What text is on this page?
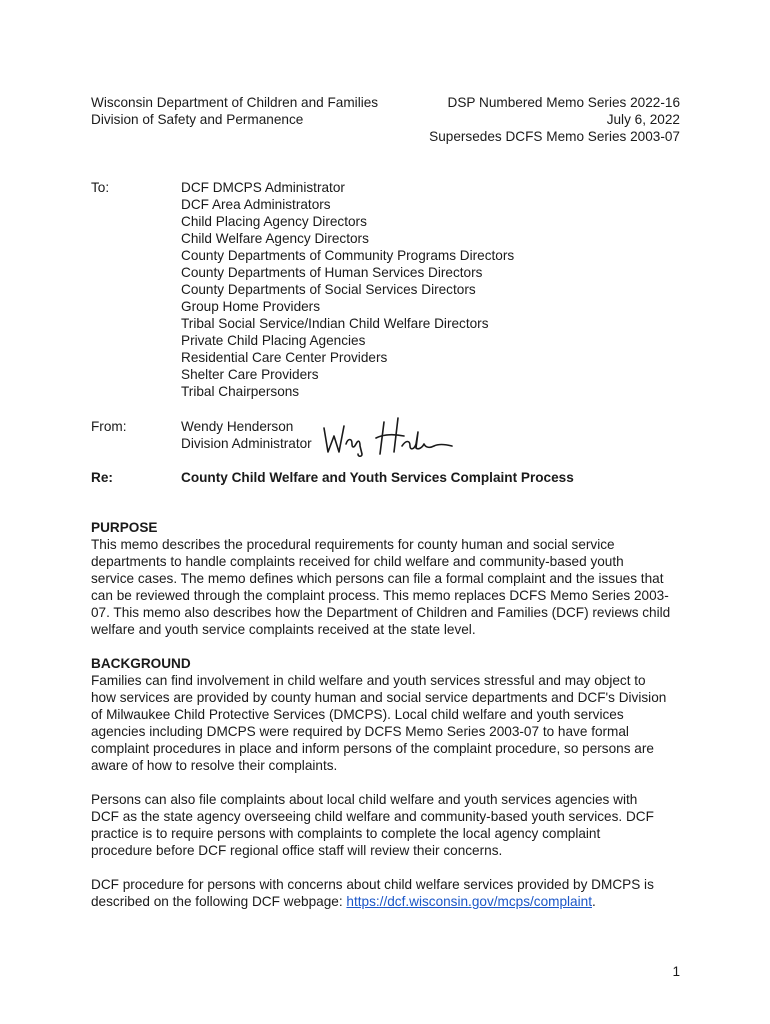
Wisconsin Department of Children and Families
Division of Safety and Permanence
DSP Numbered Memo Series 2022-16
July 6, 2022
Supersedes DCFS Memo Series 2003-07
To:	DCF DMCPS Administrator
DCF Area Administrators
Child Placing Agency Directors
Child Welfare Agency Directors
County Departments of Community Programs Directors
County Departments of Human Services Directors
County Departments of Social Services Directors
Group Home Providers
Tribal Social Service/Indian Child Welfare Directors
Private Child Placing Agencies
Residential Care Center Providers
Shelter Care Providers
Tribal Chairpersons
From:	Wendy Henderson
Division Administrator
Re:	County Child Welfare and Youth Services Complaint Process
PURPOSE
This memo describes the procedural requirements for county human and social service
departments to handle complaints received for child welfare and community-based youth
service cases. The memo defines which persons can file a formal complaint and the issues that
can be reviewed through the complaint process. This memo replaces DCFS Memo Series 2003-
07. This memo also describes how the Department of Children and Families (DCF) reviews child
welfare and youth service complaints received at the state level.
BACKGROUND
Families can find involvement in child welfare and youth services stressful and may object to
how services are provided by county human and social service departments and DCF's Division
of Milwaukee Child Protective Services (DMCPS). Local child welfare and youth services
agencies including DMCPS were required by DCFS Memo Series 2003-07 to have formal
complaint procedures in place and inform persons of the complaint procedure, so persons are
aware of how to resolve their complaints.
Persons can also file complaints about local child welfare and youth services agencies with
DCF as the state agency overseeing child welfare and community-based youth services. DCF
practice is to require persons with complaints to complete the local agency complaint
procedure before DCF regional office staff will review their concerns.
DCF procedure for persons with concerns about child welfare services provided by DMCPS is
described on the following DCF webpage: https://dcf.wisconsin.gov/mcps/complaint.
1
